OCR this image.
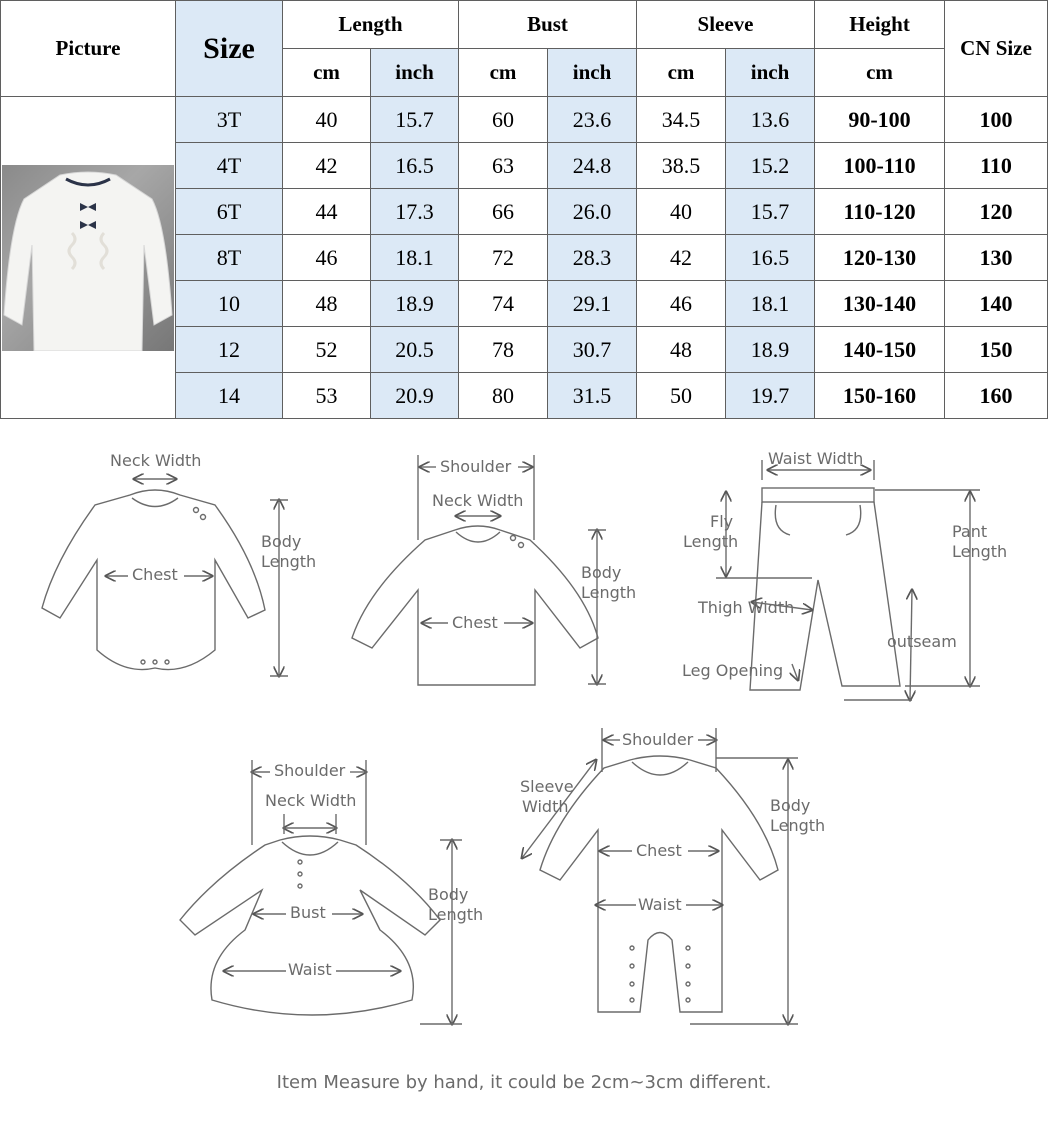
Picture	Size	Length		Bust		Sleeve		Height	CN Size
		cm	inch	cm	inch	cm	inch	cm	

	3T	40	15.7	60	23.6	34.5	13.6	90-100	100
	4T	42	16.5	63	24.8	38.5	15.2	100-110	110
	6T	44	17.3	66	26.0	40	15.7	110-120	120
	8T	46	18.1	72	28.3	42	16.5	120-130	130
	10	48	18.9	74	29.1	46	18.1	130-140	140
	12	52	20.5	78	30.7	48	18.9	140-150	150
	14	53	20.9	80	31.5	50	19.7	150-160	160
Neck Width
Chest
Body
Length
Shoulder
Neck Width
Chest
Body
Length
Waist Width
Fly
Length
Pant
Length
Thigh Width
outseam
Leg Opening
Shoulder
Neck Width
Bust
Waist
Body
Length
Shoulder
Sleeve
Width
Chest
Waist
Body
Length
Item Measure by hand, it could be 2cm~3cm different.
